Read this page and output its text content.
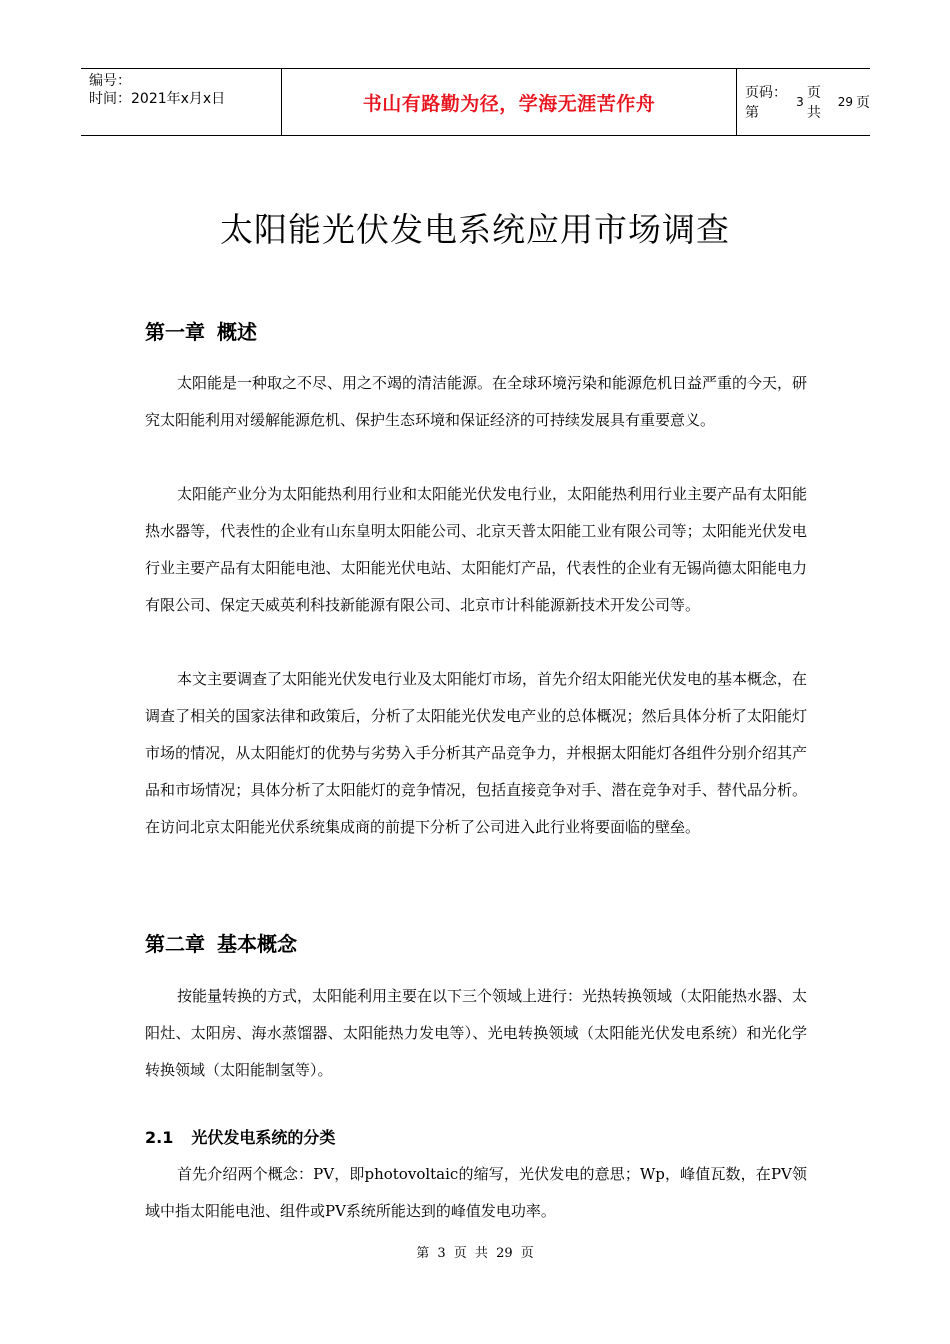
编号：
时间：2021年x月x日	书山有路勤为径，学海无涯苦作舟	页码：第
3
页 共
29 页
太阳能光伏发电系统应用市场调查
第一章 概述

太阳能是一种取之不尽、用之不竭的清洁能源。在全球环境污染和能源危机日益严重的今天，研究太阳能利用对缓解能源危机、保护生态环境和保证经济的可持续发展具有重要意义。

太阳能产业分为太阳能热利用行业和太阳能光伏发电行业，太阳能热利用行业主要产品有太阳能热水器等，代表性的企业有山东皇明太阳能公司、北京天普太阳能工业有限公司等；太阳能光伏发电行业主要产品有太阳能电池、太阳能光伏电站、太阳能灯产品，代表性的企业有无锡尚德太阳能电力有限公司、保定天威英利科技新能源有限公司、北京市计科能源新技术开发公司等。

本文主要调查了太阳能光伏发电行业及太阳能灯市场，首先介绍太阳能光伏发电的基本概念，在调查了相关的国家法律和政策后，分析了太阳能光伏发电产业的总体概况；然后具体分析了太阳能灯市场的情况，从太阳能灯的优势与劣势入手分析其产品竞争力，并根据太阳能灯各组件分别介绍其产品和市场情况；具体分析了太阳能灯的竞争情况，包括直接竞争对手、潜在竞争对手、替代品分析。在访问北京太阳能光伏系统集成商的前提下分析了公司进入此行业将要面临的壁垒。

第二章 基本概念

按能量转换的方式，太阳能利用主要在以下三个领域上进行：光热转换领域（太阳能热水器、太阳灶、太阳房、海水蒸馏器、太阳能热力发电等）、光电转换领域（太阳能光伏发电系统）和光化学转换领域（太阳能制氢等）。

2.1 光伏发电系统的分类

首先介绍两个概念：PV，即photovoltaic的缩写，光伏发电的意思；Wp，峰值瓦数，在PV领域中指太阳能电池、组件或PV系统所能达到的峰值发电功率。

第 3 页 共 29 页
